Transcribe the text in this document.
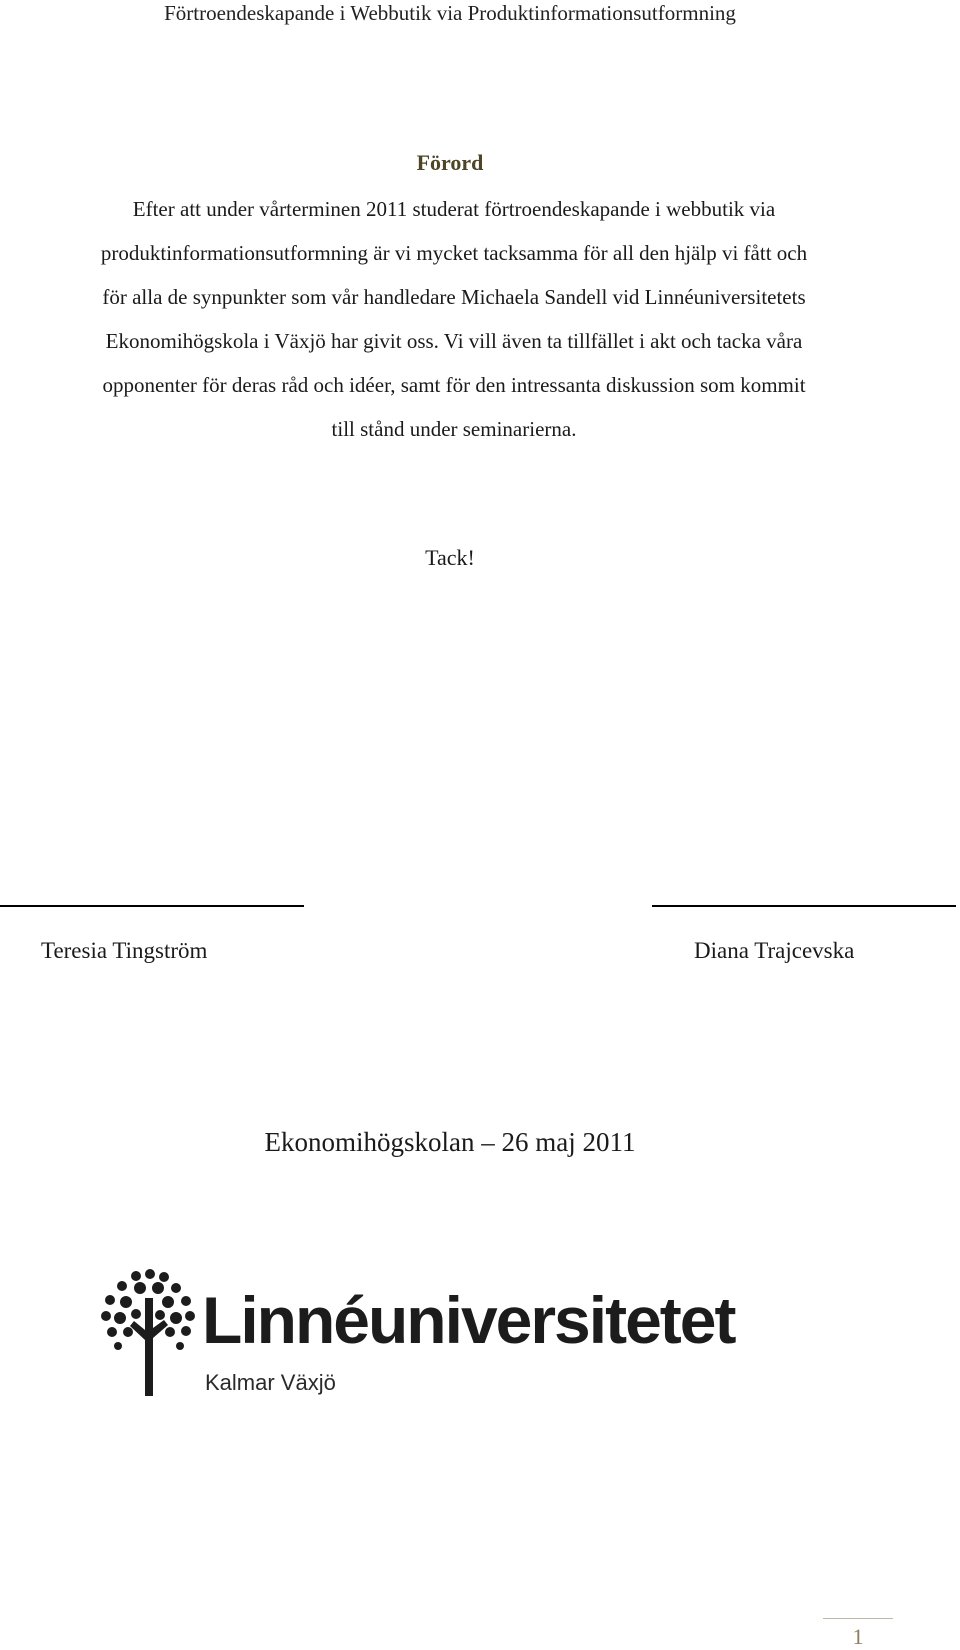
Förtroendeskapande i Webbutik via Produktinformationsutformning
Förord
Efter att under vårterminen 2011 studerat förtroendeskapande i webbutik via
produktinformationsutformning är vi mycket tacksamma för all den hjälp vi fått och
för alla de synpunkter som vår handledare Michaela Sandell vid Linnéuniversitetets
Ekonomihögskola i Växjö har givit oss. Vi vill även ta tillfället i akt och tacka våra
opponenter för deras råd och idéer, samt för den intressanta diskussion som kommit
till stånd under seminarierna.
Tack!
Teresia Tingström	Diana Trajcevska
Ekonomihögskolan – 26 maj 2011
Linnéuniversitetet
Kalmar Växjö
1
